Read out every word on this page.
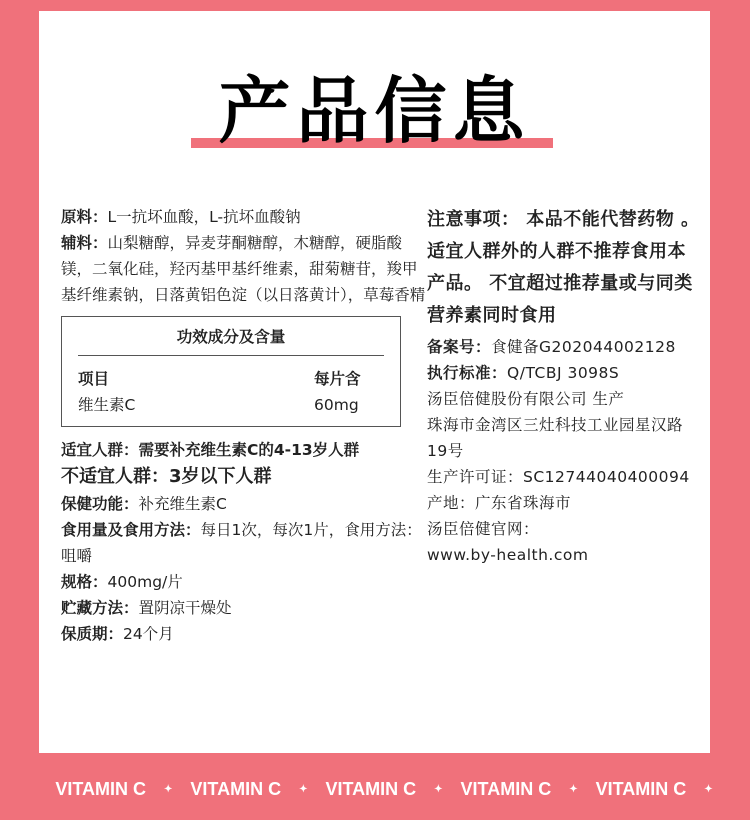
产品信息

原料：L一抗坏血酸，L-抗坏血酸钠

辅料：山梨糖醇，异麦芽酮糖醇，木糖醇，硬脂酸镁，二氧化硅，羟丙基甲基纤维素，甜菊糖苷，羧甲基纤维素钠，日落黄铝色淀（以日落黄计），草莓香精

功效成分及含量
项目	每片含
维生素C	60mg

适宜人群：需要补充维生素C的4-13岁人群

不适宜人群：3岁以下人群

保健功能：补充维生素C

食用量及食用方法：每日1次，每次1片，食用方法：咀嚼

规格：400mg/片

贮藏方法：置阴凉干燥处

保质期：24个月

注意事项： 本品不能代替药物 。适宜人群外的人群不推荐食用本产品。 不宜超过推荐量或与同类营养素同时食用

备案号：食健备G202044002128

执行标准：Q/TCBJ 3098S

汤臣倍健股份有限公司 生产

珠海市金湾区三灶科技工业园星汉路19号

生产许可证：SC12744040400094

产地：广东省珠海市

汤臣倍健官网：

www.by-health.com

VITAMIN C ✦ VITAMIN C ✦ VITAMIN C ✦ VITAMIN C ✦ VITAMIN C ✦
